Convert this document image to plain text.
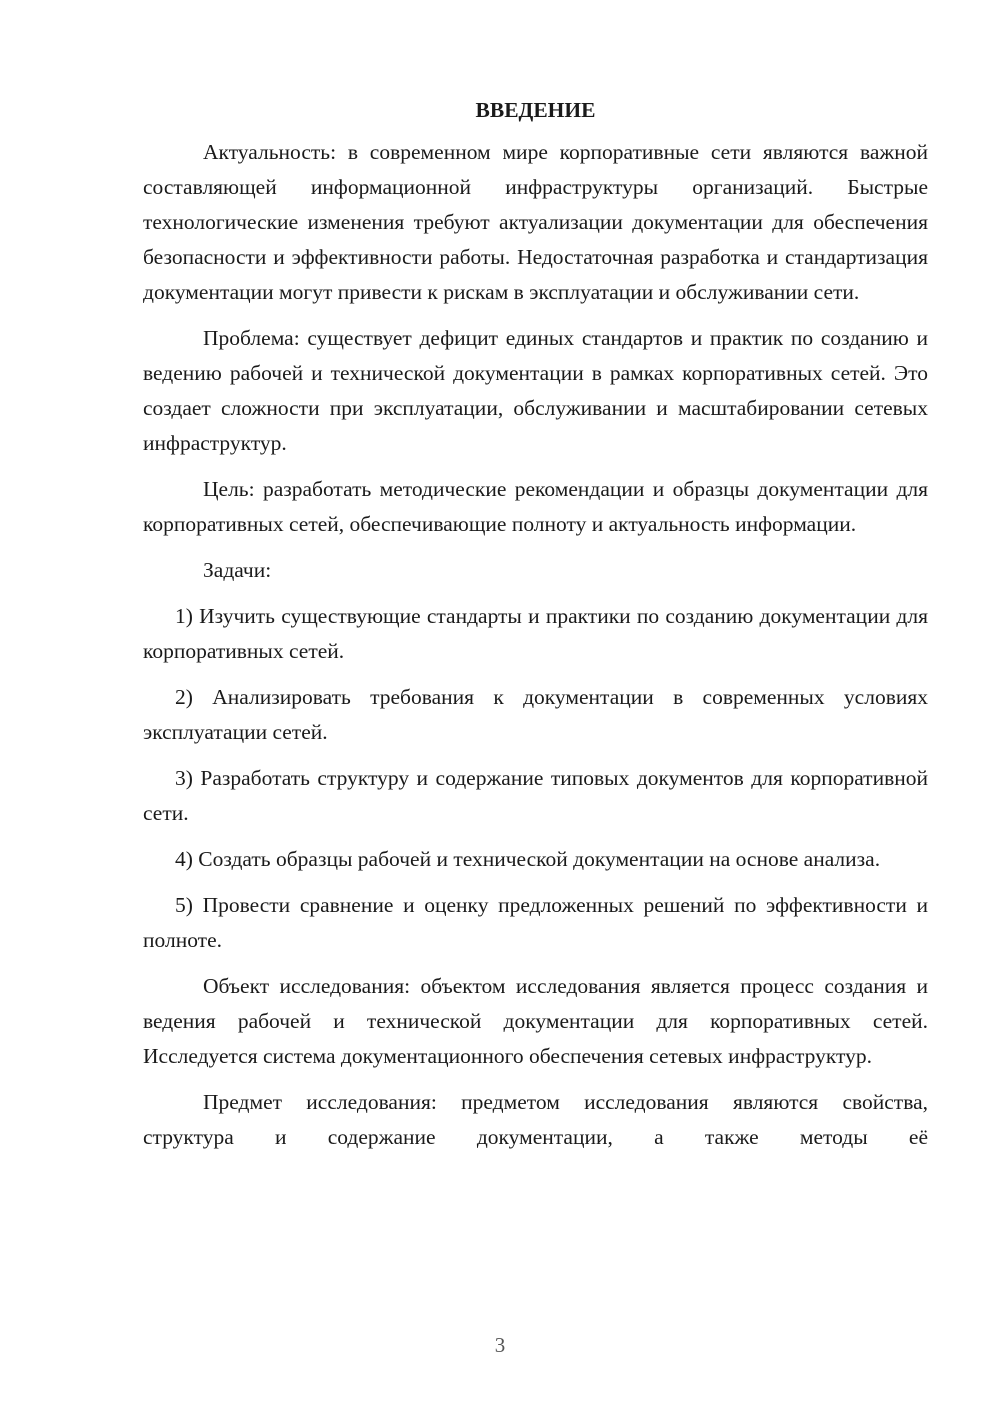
ВВЕДЕНИЕ

Актуальность: в современном мире корпоративные сети являются важной составляющей информационной инфраструктуры организаций. Быстрые технологические изменения требуют актуализации документации для обеспечения безопасности и эффективности работы. Недостаточная разработка и стандартизация документации могут привести к рискам в эксплуатации и обслуживании сети.

Проблема: существует дефицит единых стандартов и практик по созданию и ведению рабочей и технической документации в рамках корпоративных сетей. Это создает сложности при эксплуатации, обслуживании и масштабировании сетевых инфраструктур.

Цель: разработать методические рекомендации и образцы документации для корпоративных сетей, обеспечивающие полноту и актуальность информации.

Задачи:

1) Изучить существующие стандарты и практики по созданию документации для корпоративных сетей.

2) Анализировать требования к документации в современных условиях эксплуатации сетей.

3) Разработать структуру и содержание типовых документов для корпоративной сети.

4) Создать образцы рабочей и технической документации на основе анализа.

5) Провести сравнение и оценку предложенных решений по эффективности и полноте.

Объект исследования: объектом исследования является процесс создания и ведения рабочей и технической документации для корпоративных сетей. Исследуется система документационного обеспечения сетевых инфраструктур.

Предмет исследования: предметом исследования являются свойства, структура и содержание документации, а также методы её

3
